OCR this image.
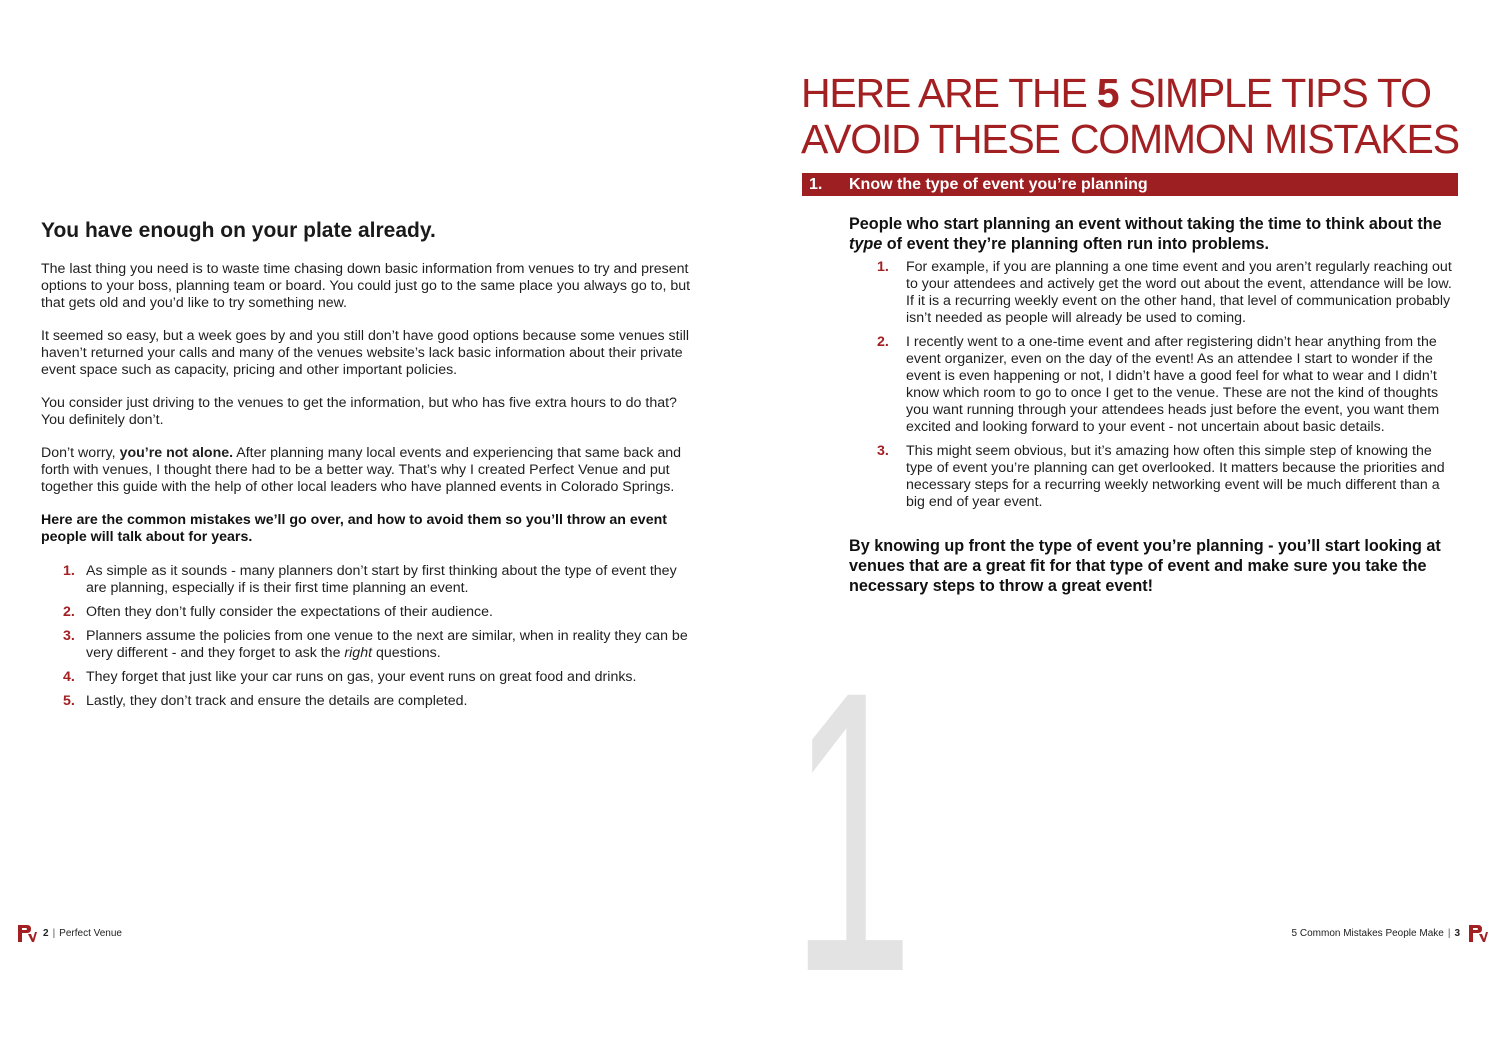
You have enough on your plate already.

The last thing you need is to waste time chasing down basic information from venues to try and present options to your boss, planning team or board. You could just go to the same place you always go to, but that gets old and you’d like to try something new.

It seemed so easy, but a week goes by and you still don’t have good options because some venues still haven’t returned your calls and many of the venues website’s lack basic information about their private event space such as capacity, pricing and other important policies.

You consider just driving to the venues to get the information, but who has five extra hours to do that? You definitely don’t.

Don’t worry, you’re not alone. After planning many local events and experiencing that same back and forth with venues, I thought there had to be a better way. That’s why I created Perfect Venue and put together this guide with the help of other local leaders who have planned events in Colorado Springs.

Here are the common mistakes we’ll go over, and how to avoid them so you’ll throw an event people will talk about for years.

1. As simple as it sounds - many planners don’t start by first thinking about the type of event they are planning, especially if is their first time planning an event.
2. Often they don’t fully consider the expectations of their audience.
3. Planners assume the policies from one venue to the next are similar, when in reality they can be very different - and they forget to ask the right questions.
4. They forget that just like your car runs on gas, your event runs on great food and drinks.
5. Lastly, they don’t track and ensure the details are completed.
2 | Perfect Venue 1
HERE ARE THE 5 SIMPLE TIPS TO AVOID THESE COMMON MISTAKES
1. Know the type of event you’re planning

People who start planning an event without taking the time to think about the type of event they’re planning often run into problems.

1. For example, if you are planning a one time event and you aren’t regularly reaching out to your attendees and actively get the word out about the event, attendance will be low. If it is a recurring weekly event on the other hand, that level of communication probably isn’t needed as people will already be used to coming.
2. I recently went to a one-time event and after registering didn’t hear anything from the event organizer, even on the day of the event! As an attendee I start to wonder if the event is even happening or not, I didn’t have a good feel for what to wear and I didn’t know which room to go to once I get to the venue. These are not the kind of thoughts you want running through your attendees heads just before the event, you want them excited and looking forward to your event - not uncertain about basic details.
3. This might seem obvious, but it’s amazing how often this simple step of knowing the type of event you’re planning can get overlooked. It matters because the priorities and necessary steps for a recurring weekly networking event will be much different than a big end of year event.

By knowing up front the type of event you’re planning - you’ll start looking at venues that are a great fit for that type of event and make sure you take the necessary steps to throw a great event!

5 Common Mistakes People Make | 3
